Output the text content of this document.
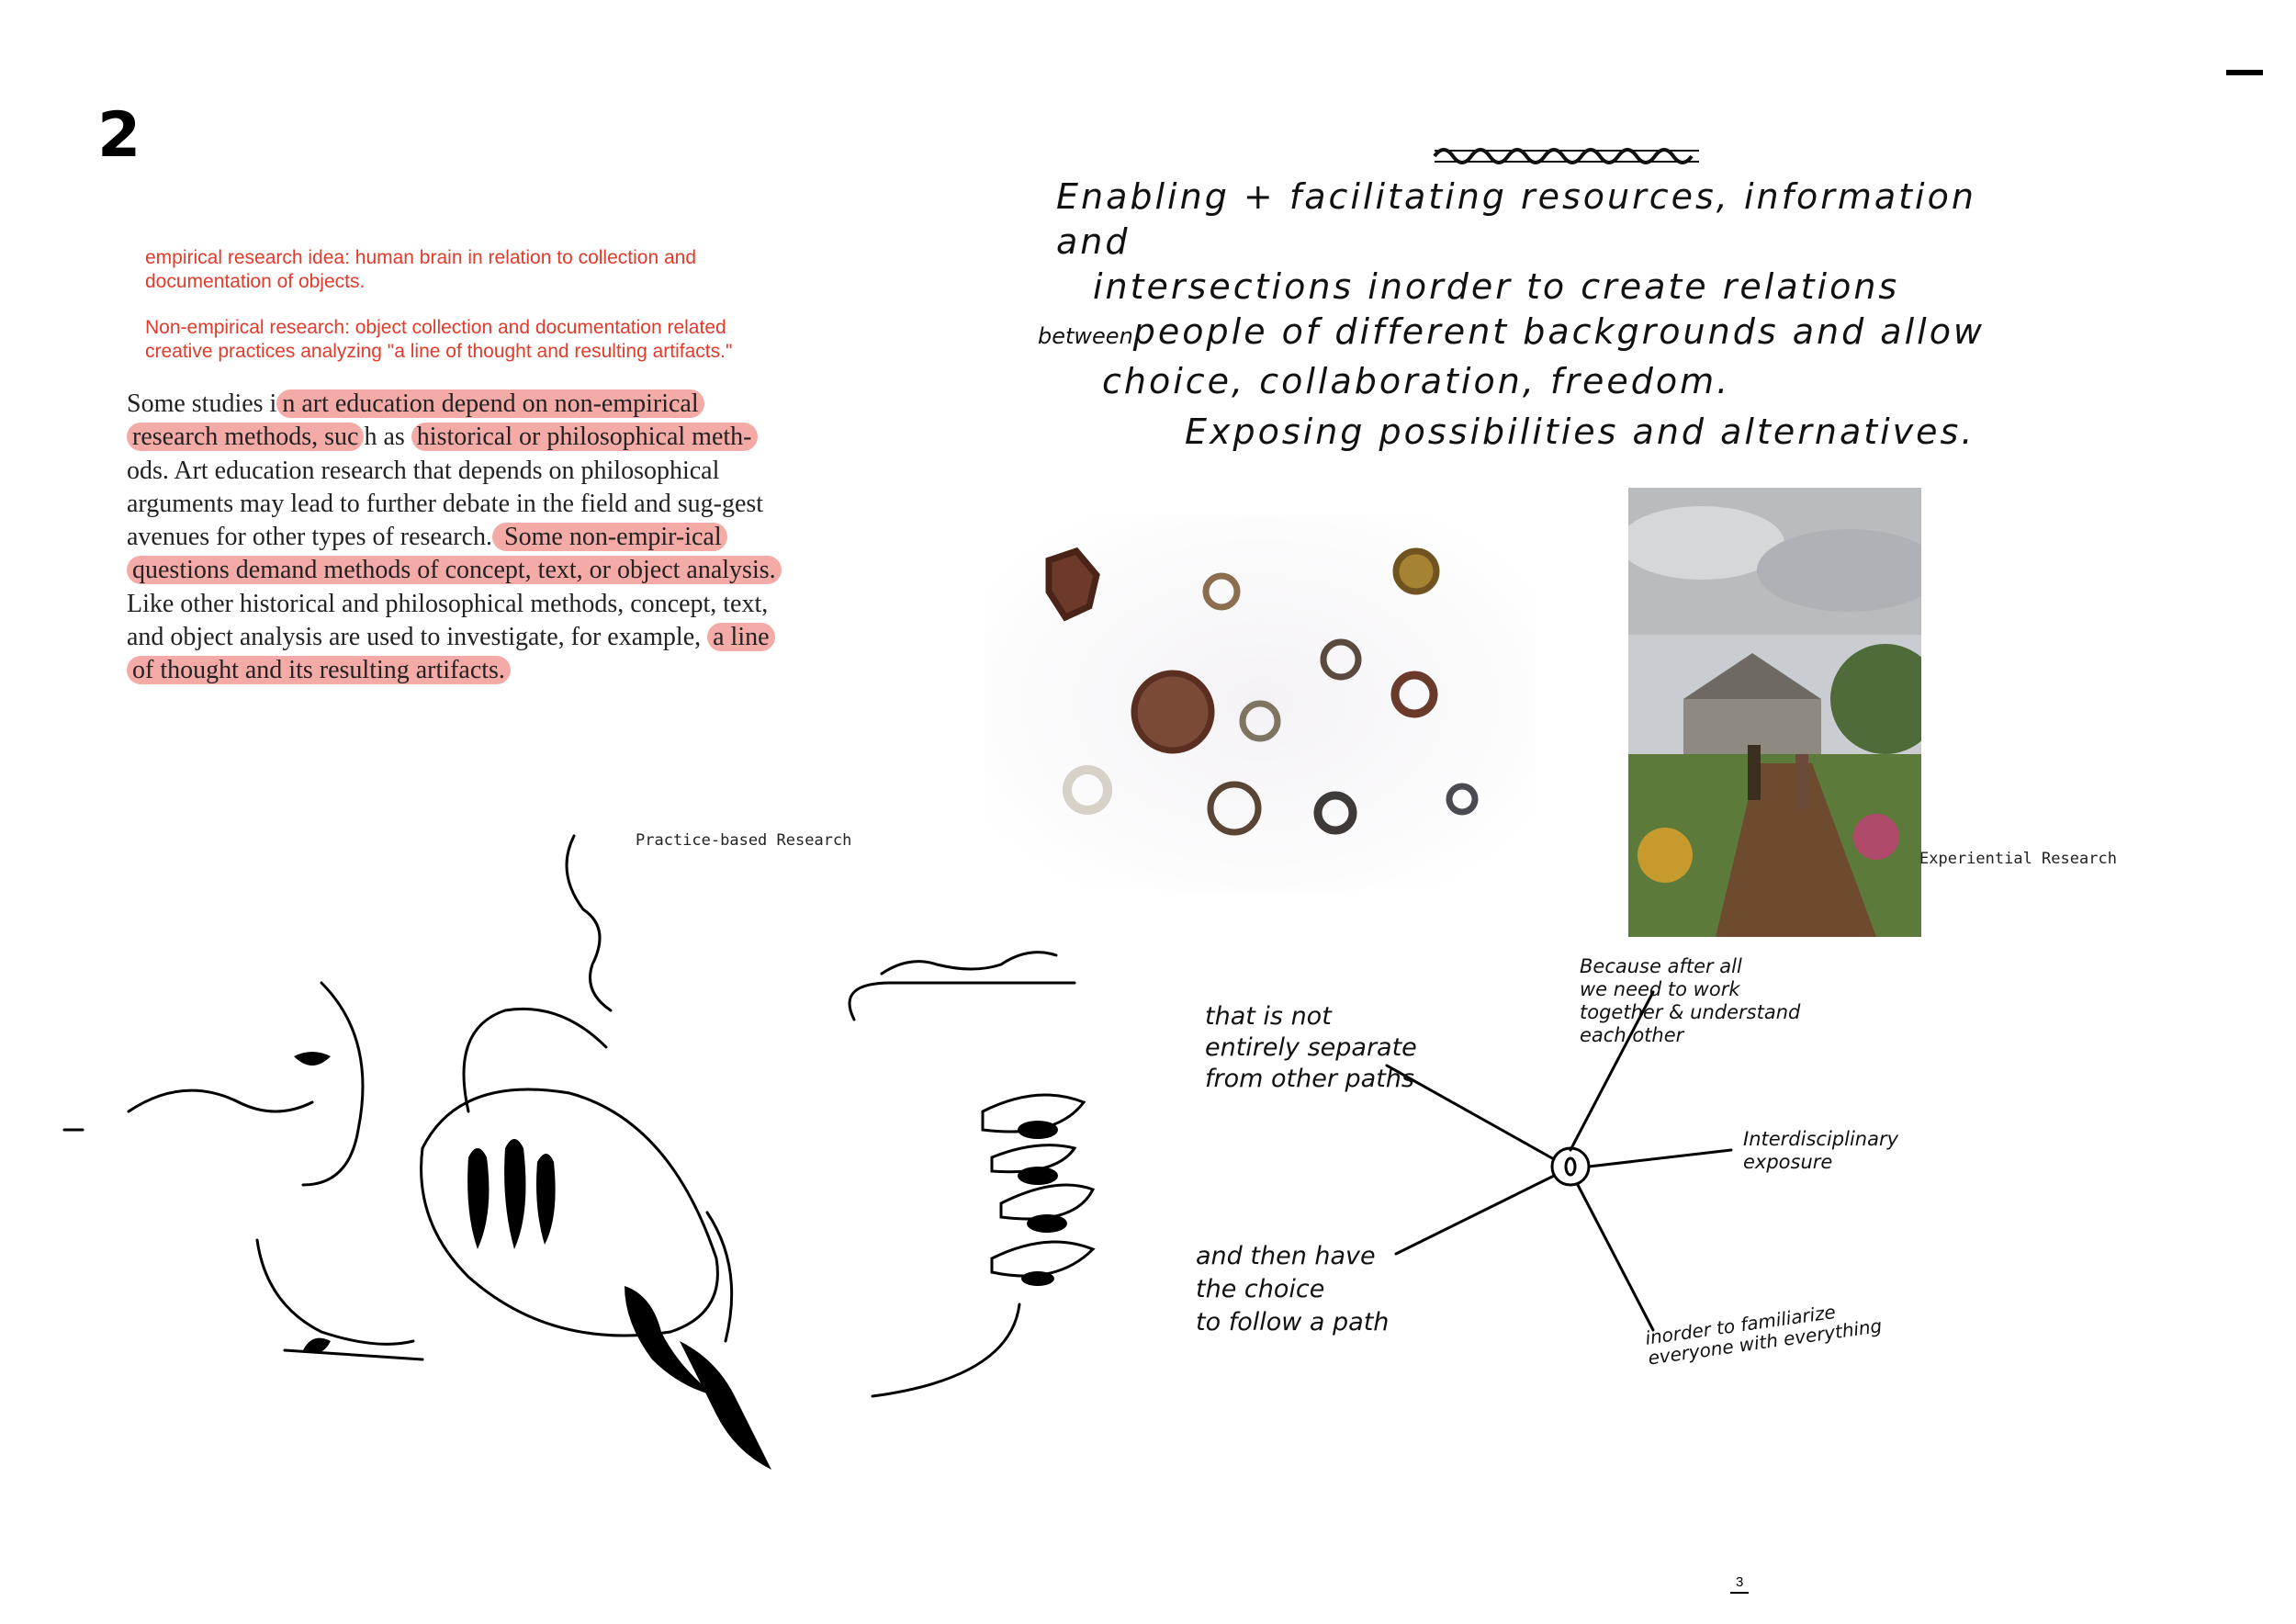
2

empirical research idea: human brain in relation to collection and documentation of objects.

Non-empirical research: object collection and documentation related creative practices analyzing "a line of thought and resulting artifacts."

Some studies i n art education depend on non-empirical research methods, suc h as historical or philosophical meth-ods. Art education research that depends on philosophical arguments may lead to further debate in the field and sug-gest avenues for other types of research. Some non-empir-ical questions demand methods of concept, text, or object analysis. Like other historical and philosophical methods, concept, text, and object analysis are used to investigate, for example, a line of thought and its resulting artifacts.
Enabling + facilitating resources, information and
intersections inorder to create relations
betweenpeople of different backgrounds and allow
choice, collaboration, freedom.
Exposing possibilities and alternatives.
Practice-based Research
Experiential Research
Because after all
we need to work
together & understand
each other
that is not
entirely separate
from other paths
Interdisciplinary
exposure
and then have
the choice
to follow a path	inorder to familiarize
everyone with everything
3
